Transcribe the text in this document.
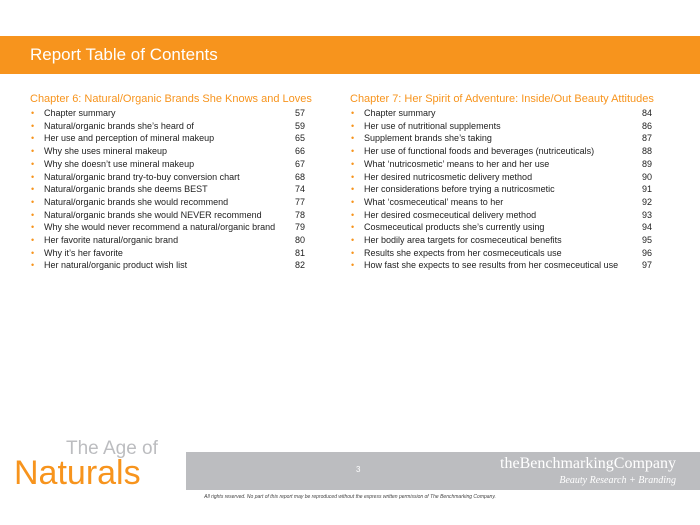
Report Table of Contents
Chapter 6: Natural/Organic Brands She Knows and Loves
• Chapter summary	57
• Natural/organic brands she’s heard of	59
• Her use and perception of mineral makeup	65
• Why she uses mineral makeup	66
• Why she doesn’t use mineral makeup	67
• Natural/organic brand try-to-buy conversion chart	68
• Natural/organic brands she deems BEST	74
• Natural/organic brands she would recommend	77
• Natural/organic brands she would NEVER recommend	78
• Why she would never recommend a natural/organic brand 79
• Her favorite natural/organic brand	80
• Why it’s her favorite	81
• Her natural/organic product wish list	82
Chapter 7: Her Spirit of Adventure: Inside/Out Beauty Attitudes
• Chapter summary	84
• Her use of nutritional supplements	86
• Supplement brands she’s taking	87
• Her use of functional foods and beverages (nutriceuticals)	88
• What ‘nutricosmetic’ means to her and her use	89
• Her desired nutricosmetic delivery method	90
• Her considerations before trying a nutricosmetic	91
• What ‘cosmeceutical’ means to her	92
• Her desired cosmeceutical delivery method	93
• Cosmeceutical products she’s currently using	94
• Her bodily area targets for cosmeceutical benefits	95
• Results she expects from her cosmeceuticals use	96
• How fast she expects to see results from her cosmeceutical use	97
The Age of
Naturals	3	theBenchmarkingCompany
Beauty Research + Branding
All rights reserved. No part of this report may be reproduced without the express written permission of The Benchmarking Company.
